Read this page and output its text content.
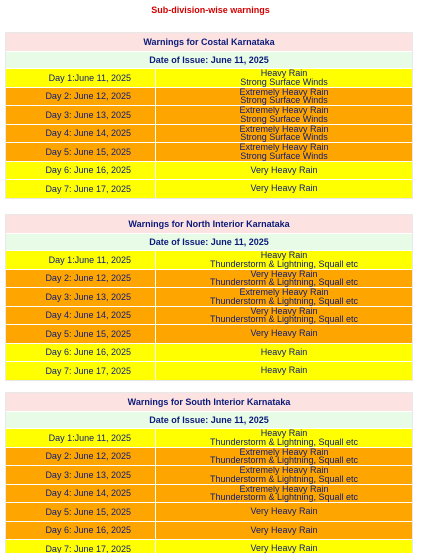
Sub-division-wise warnings
Warnings for Costal Karnataka
Date of Issue: June 11, 2025
Day 1:June 11, 2025	Heavy Rain
Strong Surface Winds
Day 2: June 12, 2025	Extremely Heavy Rain
Strong Surface Winds
Day 3: June 13, 2025	Extremely Heavy Rain
Strong Surface Winds
Day 4: June 14, 2025	Extremely Heavy Rain
Strong Surface Winds
Day 5: June 15, 2025	Extremely Heavy Rain
Strong Surface Winds
Day 6: June 16, 2025	Very Heavy Rain
Day 7: June 17, 2025	Very Heavy Rain
Warnings for North Interior Karnataka
Date of Issue: June 11, 2025
Day 1:June 11, 2025	Heavy Rain
Thunderstorm & Lightning, Squall etc
Day 2: June 12, 2025	Very Heavy Rain
Thunderstorm & Lightning, Squall etc
Day 3: June 13, 2025	Extremely Heavy Rain
Thunderstorm & Lightning, Squall etc
Day 4: June 14, 2025	Very Heavy Rain
Thunderstorm & Lightning, Squall etc
Day 5: June 15, 2025	Very Heavy Rain
Day 6: June 16, 2025	Heavy Rain
Day 7: June 17, 2025	Heavy Rain
Warnings for South Interior Karnataka
Date of Issue: June 11, 2025
Day 1:June 11, 2025	Heavy Rain
Thunderstorm & Lightning, Squall etc
Day 2: June 12, 2025	Extremely Heavy Rain
Thunderstorm & Lightning, Squall etc
Day 3: June 13, 2025	Extremely Heavy Rain
Thunderstorm & Lightning, Squall etc
Day 4: June 14, 2025	Extremely Heavy Rain
Thunderstorm & Lightning, Squall etc
Day 5: June 15, 2025	Very Heavy Rain
Day 6: June 16, 2025	Very Heavy Rain
Day 7: June 17, 2025	Very Heavy Rain
